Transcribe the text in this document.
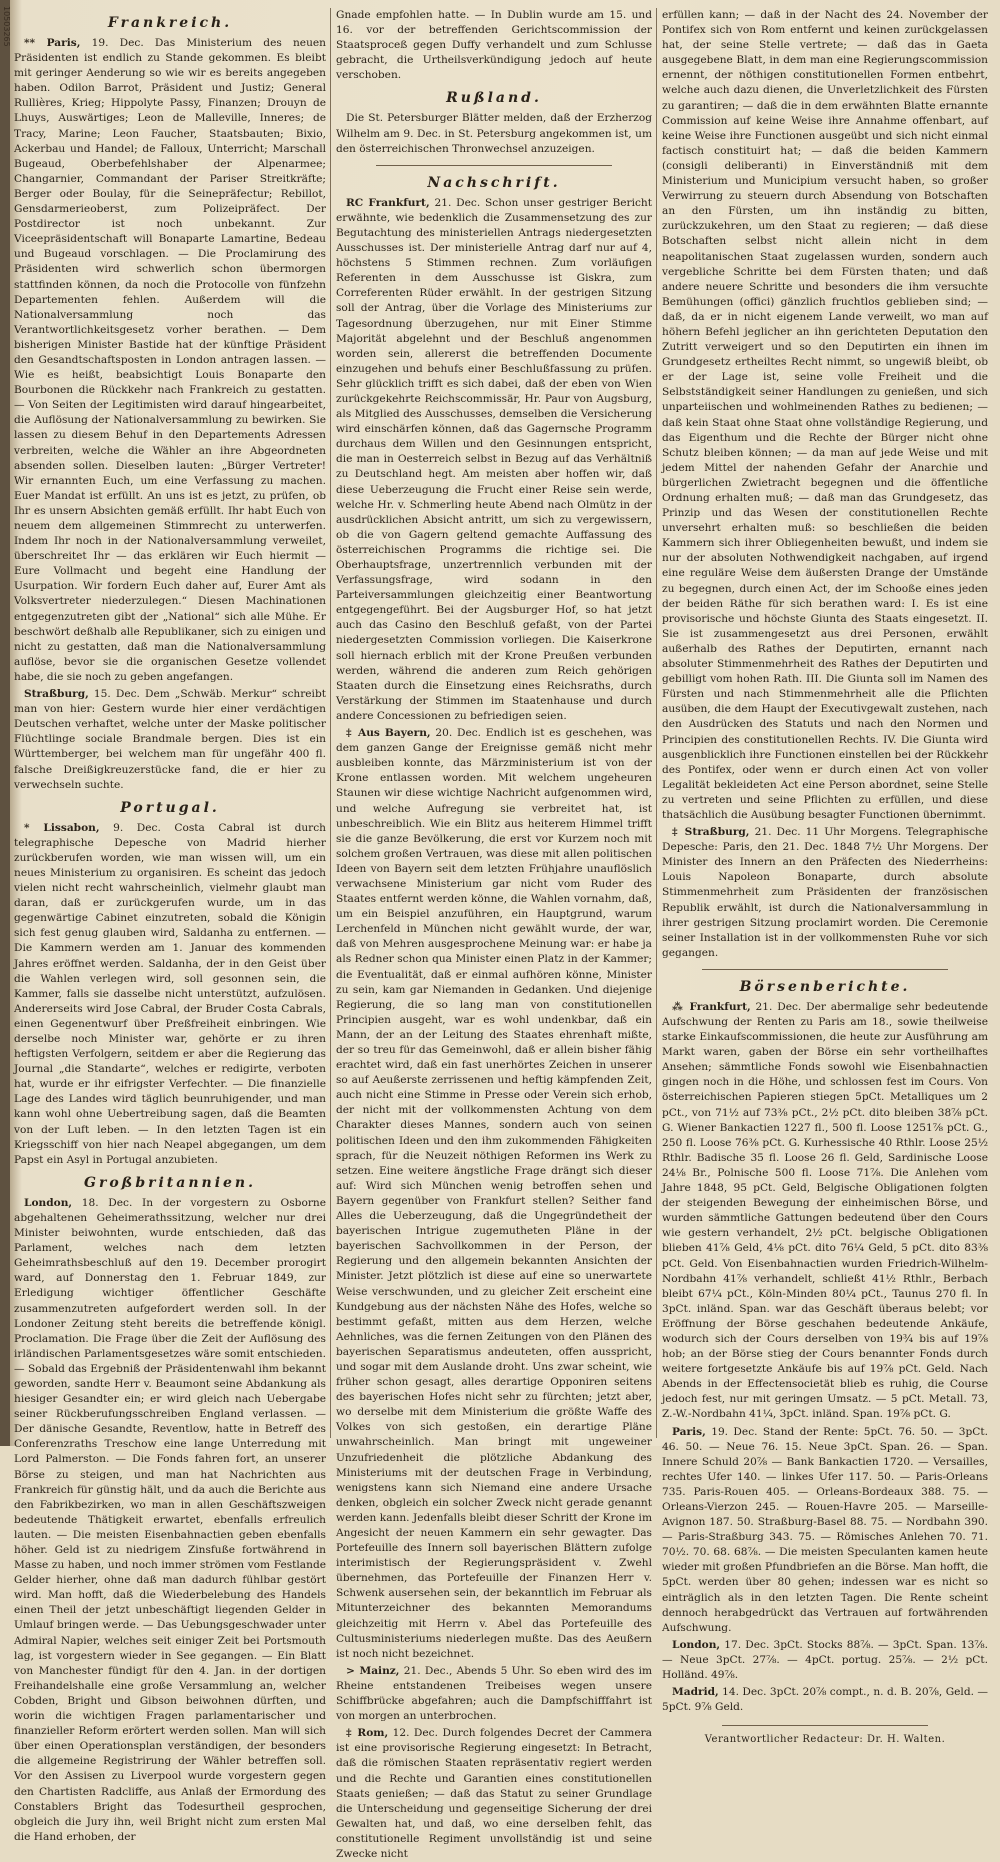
10503265	Frankreich.

** Paris, 19. Dec. Das Ministerium des neuen Präsidenten ist endlich zu Stande gekommen. Es bleibt mit geringer Aenderung so wie wir es bereits angegeben haben. Odilon Barrot, Präsident und Justiz; General Rullières, Krieg; Hippolyte Passy, Finanzen; Drouyn de Lhuys, Auswärtiges; Leon de Malleville, Inneres; de Tracy, Marine; Leon Faucher, Staatsbauten; Bixio, Ackerbau und Handel; de Falloux, Unterricht; Marschall Bugeaud, Oberbefehlshaber der Alpenarmee; Changarnier, Commandant der Pariser Streitkräfte; Berger oder Boulay, für die Seinepräfectur; Rebillot, Gensdarmerieoberst, zum Polizeipräfect. Der Postdirector ist noch unbekannt. Zur Viceepräsidentschaft will Bonaparte Lamartine, Bedeau und Bugeaud vorschlagen. — Die Proclamirung des Präsidenten wird schwerlich schon übermorgen stattfinden können, da noch die Protocolle von fünfzehn Departementen fehlen. Außerdem will die Nationalversammlung noch das Verantwortlichkeitsgesetz vorher berathen. — Dem bisherigen Minister Bastide hat der künftige Präsident den Gesandtschaftsposten in London antragen lassen. — Wie es heißt, beabsichtigt Louis Bonaparte den Bourbonen die Rückkehr nach Frankreich zu gestatten. — Von Seiten der Legitimisten wird darauf hingearbeitet, die Auflösung der Nationalversammlung zu bewirken. Sie lassen zu diesem Behuf in den Departements Adressen verbreiten, welche die Wähler an ihre Abgeordneten absenden sollen. Dieselben lauten: „Bürger Vertreter! Wir ernannten Euch, um eine Verfassung zu machen. Euer Mandat ist erfüllt. An uns ist es jetzt, zu prüfen, ob Ihr es unsern Absichten gemäß erfüllt. Ihr habt Euch von neuem dem allgemeinen Stimmrecht zu unterwerfen. Indem Ihr noch in der Nationalversammlung verweilet, überschreitet Ihr — das erklären wir Euch hiermit — Eure Vollmacht und begeht eine Handlung der Usurpation. Wir fordern Euch daher auf, Eurer Amt als Volksvertreter niederzulegen.“ Diesen Machinationen entgegenzutreten gibt der „National“ sich alle Mühe. Er beschwört deßhalb alle Republikaner, sich zu einigen und nicht zu gestatten, daß man die Nationalversammlung auflöse, bevor sie die organischen Gesetze vollendet habe, die sie noch zu geben angefangen.

Straßburg, 15. Dec. Dem „Schwäb. Merkur“ schreibt man von hier: Gestern wurde hier einer verdächtigen Deutschen verhaftet, welche unter der Maske politischer Flüchtlinge sociale Brandmale bergen. Dies ist ein Württemberger, bei welchem man für ungefähr 400 fl. falsche Dreißigkreuzerstücke fand, die er hier zu verwechseln suchte.

Portugal.

* Lissabon, 9. Dec. Costa Cabral ist durch telegraphische Depesche von Madrid hierher zurückberufen worden, wie man wissen will, um ein neues Ministerium zu organisiren. Es scheint das jedoch vielen nicht recht wahrscheinlich, vielmehr glaubt man daran, daß er zurückgerufen wurde, um in das gegenwärtige Cabinet einzutreten, sobald die Königin sich fest genug glauben wird, Saldanha zu entfernen. — Die Kammern werden am 1. Januar des kommenden Jahres eröffnet werden. Saldanha, der in den Geist über die Wahlen verlegen wird, soll gesonnen sein, die Kammer, falls sie dasselbe nicht unterstützt, aufzulösen. Andererseits wird Jose Cabral, der Bruder Costa Cabrals, einen Gegenentwurf über Preßfreiheit einbringen. Wie derselbe noch Minister war, gehörte er zu ihren heftigsten Verfolgern, seitdem er aber die Regierung das Journal „die Standarte“, welches er redigirte, verboten hat, wurde er ihr eifrigster Verfechter. — Die finanzielle Lage des Landes wird täglich beunruhigender, und man kann wohl ohne Uebertreibung sagen, daß die Beamten von der Luft leben. — In den letzten Tagen ist ein Kriegsschiff von hier nach Neapel abgegangen, um dem Papst ein Asyl in Portugal anzubieten.

Großbritannien.

London, 18. Dec. In der vorgestern zu Osborne abgehaltenen Geheimerathssitzung, welcher nur drei Minister beiwohnten, wurde entschieden, daß das Parlament, welches nach dem letzten Geheimrathsbeschluß auf den 19. December prorogirt ward, auf Donnerstag den 1. Februar 1849, zur Erledigung wichtiger öffentlicher Geschäfte zusammenzutreten aufgefordert werden soll. In der Londoner Zeitung steht bereits die betreffende königl. Proclamation. Die Frage über die Zeit der Auflösung des irländischen Parlamentsgesetzes wäre somit entschieden. — Sobald das Ergebniß der Präsidentenwahl ihm bekannt geworden, sandte Herr v. Beaumont seine Abdankung als hiesiger Gesandter ein; er wird gleich nach Uebergabe seiner Rückberufungsschreiben England verlassen. — Der dänische Gesandte, Reventlow, hatte in Betreff des Conferenzraths Treschow eine lange Unterredung mit Lord Palmerston. — Die Fonds fahren fort, an unserer Börse zu steigen, und man hat Nachrichten aus Frankreich für günstig hält, und da auch die Berichte aus den Fabrikbezirken, wo man in allen Geschäftszweigen bedeutende Thätigkeit erwartet, ebenfalls erfreulich lauten. — Die meisten Eisenbahnactien geben ebenfalls höher. Geld ist zu niedrigem Zinsfuße fortwährend in Masse zu haben, und noch immer strömen vom Festlande Gelder hierher, ohne daß man dadurch fühlbar gestört wird. Man hofft, daß die Wiederbelebung des Handels einen Theil der jetzt unbeschäftigt liegenden Gelder in Umlauf bringen werde. — Das Uebungsgeschwader unter Admiral Napier, welches seit einiger Zeit bei Portsmouth lag, ist vorgestern wieder in See gegangen. — Ein Blatt von Manchester fündigt für den 4. Jan. in der dortigen Freihandelshalle eine große Versammlung an, welcher Cobden, Bright und Gibson beiwohnen dürften, und worin die wichtigen Fragen parlamentarischer und finanzieller Reform erörtert werden sollen. Man will sich über einen Operationsplan verständigen, der besonders die allgemeine Registrirung der Wähler betreffen soll. Vor den Assisen zu Liverpool wurde vorgestern gegen den Chartisten Radcliffe, aus Anlaß der Ermordung des Constablers Bright das Todesurtheil gesprochen, obgleich die Jury ihn, weil Bright nicht zum ersten Mal die Hand erhoben, der

Gnade empfohlen hatte. — In Dublin wurde am 15. und 16. vor der betreffenden Gerichtscommission der Staatsproceß gegen Duffy verhandelt und zum Schlusse gebracht, die Urtheilsverkündigung jedoch auf heute verschoben.

Rußland.

Die St. Petersburger Blätter melden, daß der Erzherzog Wilhelm am 9. Dec. in St. Petersburg angekommen ist, um den österreichischen Thronwechsel anzuzeigen.

Nachschrift.

RC Frankfurt, 21. Dec. Schon unser gestriger Bericht erwähnte, wie bedenklich die Zusammensetzung des zur Begutachtung des ministeriellen Antrags niedergesetzten Ausschusses ist. Der ministerielle Antrag darf nur auf 4, höchstens 5 Stimmen rechnen. Zum vorläufigen Referenten in dem Ausschusse ist Giskra, zum Correferenten Rüder erwählt. In der gestrigen Sitzung soll der Antrag, über die Vorlage des Ministeriums zur Tagesordnung überzugehen, nur mit Einer Stimme Majorität abgelehnt und der Beschluß angenommen worden sein, allererst die betreffenden Documente einzugehen und behufs einer Beschlußfassung zu prüfen. Sehr glücklich trifft es sich dabei, daß der eben von Wien zurückgekehrte Reichscommissär, Hr. Paur von Augsburg, als Mitglied des Ausschusses, demselben die Versicherung wird einschärfen können, daß das Gagernsche Programm durchaus dem Willen und den Gesinnungen entspricht, die man in Oesterreich selbst in Bezug auf das Verhältniß zu Deutschland hegt. Am meisten aber hoffen wir, daß diese Ueberzeugung die Frucht einer Reise sein werde, welche Hr. v. Schmerling heute Abend nach Olmütz in der ausdrücklichen Absicht antritt, um sich zu vergewissern, ob die von Gagern geltend gemachte Auffassung des österreichischen Programms die richtige sei. Die Oberhauptsfrage, unzertrennlich verbunden mit der Verfassungsfrage, wird sodann in den Parteiversammlungen gleichzeitig einer Beantwortung entgegengeführt. Bei der Augsburger Hof, so hat jetzt auch das Casino den Beschluß gefaßt, von der Partei niedergesetzten Commission vorliegen. Die Kaiserkrone soll hiernach erblich mit der Krone Preußen verbunden werden, während die anderen zum Reich gehörigen Staaten durch die Einsetzung eines Reichsraths, durch Verstärkung der Stimmen im Staatenhause und durch andere Concessionen zu befriedigen seien.

‡ Aus Bayern, 20. Dec. Endlich ist es geschehen, was dem ganzen Gange der Ereignisse gemäß nicht mehr ausbleiben konnte, das Märzministerium ist von der Krone entlassen worden. Mit welchem ungeheuren Staunen wir diese wichtige Nachricht aufgenommen wird, und welche Aufregung sie verbreitet hat, ist unbeschreiblich. Wie ein Blitz aus heiterem Himmel trifft sie die ganze Bevölkerung, die erst vor Kurzem noch mit solchem großen Vertrauen, was diese mit allen politischen Ideen von Bayern seit dem letzten Frühjahre unauflöslich verwachsene Ministerium gar nicht vom Ruder des Staates entfernt werden könne, die Wahlen vornahm, daß, um ein Beispiel anzuführen, ein Hauptgrund, warum Lerchenfeld in München nicht gewählt wurde, der war, daß von Mehren ausgesprochene Meinung war: er habe ja als Redner schon qua Minister einen Platz in der Kammer; die Eventualität, daß er einmal aufhören könne, Minister zu sein, kam gar Niemanden in Gedanken. Und diejenige Regierung, die so lang man von constitutionellen Principien ausgeht, war es wohl undenkbar, daß ein Mann, der an der Leitung des Staates ehrenhaft mißte, der so treu für das Gemeinwohl, daß er allein bisher fähig erachtet wird, daß ein fast unerhörtes Zeichen in unserer so auf Aeußerste zerrissenen und heftig kämpfenden Zeit, auch nicht eine Stimme in Presse oder Verein sich erhob, der nicht mit der vollkommensten Achtung von dem Charakter dieses Mannes, sondern auch von seinen politischen Ideen und den ihm zukommenden Fähigkeiten sprach, für die Neuzeit nöthigen Reformen ins Werk zu setzen. Eine weitere ängstliche Frage drängt sich dieser auf: Wird sich München wenig betroffen sehen und Bayern gegenüber von Frankfurt stellen? Seither fand Alles die Ueberzeugung, daß die Ungegründetheit der bayerischen Intrigue zugemutheten Pläne in der bayerischen Sachvollkommen in der Person, der Regierung und den allgemein bekannten Ansichten der Minister. Jetzt plötzlich ist diese auf eine so unerwartete Weise verschwunden, und zu gleicher Zeit erscheint eine Kundgebung aus der nächsten Nähe des Hofes, welche so bestimmt gefaßt, mitten aus dem Herzen, welche Aehnliches, was die fernen Zeitungen von den Plänen des bayerischen Separatismus andeuteten, offen ausspricht, und sogar mit dem Auslande droht. Uns zwar scheint, wie früher schon gesagt, alles derartige Opponiren seitens des bayerischen Hofes nicht sehr zu fürchten; jetzt aber, wo derselbe mit dem Ministerium die größte Waffe des Volkes von sich gestoßen, ein derartige Pläne unwahrscheinlich. Man bringt mit ungeweiner Unzufriedenheit die plötzliche Abdankung des Ministeriums mit der deutschen Frage in Verbindung, wenigstens kann sich Niemand eine andere Ursache denken, obgleich ein solcher Zweck nicht gerade genannt werden kann. Jedenfalls bleibt dieser Schritt der Krone im Angesicht der neuen Kammern ein sehr gewagter. Das Portefeuille des Innern soll bayerischen Blättern zufolge interimistisch der Regierungspräsident v. Zwehl übernehmen, das Portefeuille der Finanzen Herr v. Schwenk ausersehen sein, der bekanntlich im Februar als Mitunterzeichner des bekannten Memorandums gleichzeitig mit Herrn v. Abel das Portefeuille des Cultusministeriums niederlegen mußte. Das des Aeußern ist noch nicht bezeichnet.

> Mainz, 21. Dec., Abends 5 Uhr. So eben wird des im Rheine entstandenen Treibeises wegen unsere Schiffbrücke abgefahren; auch die Dampfschifffahrt ist von morgen an unterbrochen.

‡ Rom, 12. Dec. Durch folgendes Decret der Cammera ist eine provisorische Regierung eingesetzt: In Betracht, daß die römischen Staaten repräsentativ regiert werden und die Rechte und Garantien eines constitutionellen Staats genießen; — daß das Statut zu seiner Grundlage die Unterscheidung und gegenseitige Sicherung der drei Gewalten hat, und daß, wo eine derselben fehlt, das constitutionelle Regiment unvollständig ist und seine Zwecke nicht

erfüllen kann; — daß in der Nacht des 24. November der Pontifex sich von Rom entfernt und keinen zurückgelassen hat, der seine Stelle vertrete; — daß das in Gaeta ausgegebene Blatt, in dem man eine Regierungscommission ernennt, der nöthigen constitutionellen Formen entbehrt, welche auch dazu dienen, die Unverletzlichkeit des Fürsten zu garantiren; — daß die in dem erwähnten Blatte ernannte Commission auf keine Weise ihre Annahme offenbart, auf keine Weise ihre Functionen ausgeübt und sich nicht einmal factisch constituirt hat; — daß die beiden Kammern (consigli deliberanti) in Einverständniß mit dem Ministerium und Municipium versucht haben, so großer Verwirrung zu steuern durch Absendung von Botschaften an den Fürsten, um ihn inständig zu bitten, zurückzukehren, um den Staat zu regieren; — daß diese Botschaften selbst nicht allein nicht in dem neapolitanischen Staat zugelassen wurden, sondern auch vergebliche Schritte bei dem Fürsten thaten; und daß andere neuere Schritte und besonders die ihm versuchte Bemühungen (offici) gänzlich fruchtlos geblieben sind; — daß, da er in nicht eigenem Lande verweilt, wo man auf höhern Befehl jeglicher an ihn gerichteten Deputation den Zutritt verweigert und so den Deputirten ein ihnen im Grundgesetz ertheiltes Recht nimmt, so ungewiß bleibt, ob er der Lage ist, seine volle Freiheit und die Selbstständigkeit seiner Handlungen zu genießen, und sich unparteiischen und wohlmeinenden Rathes zu bedienen; — daß kein Staat ohne Staat ohne vollständige Regierung, und das Eigenthum und die Rechte der Bürger nicht ohne Schutz bleiben können; — da man auf jede Weise und mit jedem Mittel der nahenden Gefahr der Anarchie und bürgerlichen Zwietracht begegnen und die öffentliche Ordnung erhalten muß; — daß man das Grundgesetz, das Prinzip und das Wesen der constitutionellen Rechte unversehrt erhalten muß: so beschließen die beiden Kammern sich ihrer Obliegenheiten bewußt, und indem sie nur der absoluten Nothwendigkeit nachgaben, auf irgend eine reguläre Weise dem äußersten Drange der Umstände zu begegnen, durch einen Act, der im Schooße eines jeden der beiden Räthe für sich berathen ward: I. Es ist eine provisorische und höchste Giunta des Staats eingesetzt. II. Sie ist zusammengesetzt aus drei Personen, erwählt außerhalb des Rathes der Deputirten, ernannt nach absoluter Stimmenmehrheit des Rathes der Deputirten und gebilligt vom hohen Rath. III. Die Giunta soll im Namen des Fürsten und nach Stimmenmehrheit alle die Pflichten ausüben, die dem Haupt der Executivgewalt zustehen, nach den Ausdrücken des Statuts und nach den Normen und Principien des constitutionellen Rechts. IV. Die Giunta wird ausgenblicklich ihre Functionen einstellen bei der Rückkehr des Pontifex, oder wenn er durch einen Act von voller Legalität bekleideten Act eine Person abordnet, seine Stelle zu vertreten und seine Pflichten zu erfüllen, und diese thatsächlich die Ausübung besagter Functionen übernimmt.

‡ Straßburg, 21. Dec. 11 Uhr Morgens. Telegraphische Depesche: Paris, den 21. Dec. 1848 7½ Uhr Morgens. Der Minister des Innern an den Präfecten des Niederrheins: Louis Napoleon Bonaparte, durch absolute Stimmenmehrheit zum Präsidenten der französischen Republik erwählt, ist durch die Nationalversammlung in ihrer gestrigen Sitzung proclamirt worden. Die Ceremonie seiner Installation ist in der vollkommensten Ruhe vor sich gegangen.

Börsenberichte.

⁂ Frankfurt, 21. Dec. Der abermalige sehr bedeutende Aufschwung der Renten zu Paris am 18., sowie theilweise starke Einkaufscommissionen, die heute zur Ausführung am Markt waren, gaben der Börse ein sehr vortheilhaftes Ansehen; sämmtliche Fonds sowohl wie Eisenbahnactien gingen noch in die Höhe, und schlossen fest im Cours. Von österreichischen Papieren stiegen 5pCt. Metalliques um 2 pCt., von 71½ auf 73⅜ pCt., 2½ pCt. dito bleiben 38⅞ pCt. G. Wiener Bankactien 1227 fl., 500 fl. Loose 1251⅞ pCt. G., 250 fl. Loose 76⅜ pCt. G. Kurhessische 40 Rthlr. Loose 25½ Rthlr. Badische 35 fl. Loose 26 fl. Geld, Sardinische Loose 24⅛ Br., Polnische 500 fl. Loose 71⅞. Die Anlehen vom Jahre 1848, 95 pCt. Geld, Belgische Obligationen folgten der steigenden Bewegung der einheimischen Börse, und wurden sämmtliche Gattungen bedeutend über den Cours wie gestern verhandelt, 2½ pCt. belgische Obligationen blieben 41⅞ Geld, 4⅛ pCt. dito 76¼ Geld, 5 pCt. dito 83⅜ pCt. Geld. Von Eisenbahnactien wurden Friedrich-Wilhelm-Nordbahn 41⅞ verhandelt, schließt 41½ Rthlr., Berbach bleibt 67¼ pCt., Köln-Minden 80¼ pCt., Taunus 270 fl. In 3pCt. inländ. Span. war das Geschäft überaus belebt; vor Eröffnung der Börse geschahen bedeutende Ankäufe, wodurch sich der Cours derselben von 19¾ bis auf 19⅞ hob; an der Börse stieg der Cours benannter Fonds durch weitere fortgesetzte Ankäufe bis auf 19⅞ pCt. Geld. Nach Abends in der Effectensocietät blieb es ruhig, die Course jedoch fest, nur mit geringen Umsatz. — 5 pCt. Metall. 73, Z.-W.-Nordbahn 41¼, 3pCt. inländ. Span. 19⅞ pCt. G.

Paris, 19. Dec. Stand der Rente: 5pCt. 76. 50. — 3pCt. 46. 50. — Neue 76. 15. Neue 3pCt. Span. 26. — Span. Innere Schuld 20⅞ — Bank Bankactien 1720. — Versailles, rechtes Ufer 140. — linkes Ufer 117. 50. — Paris-Orleans 735. Paris-Rouen 405. — Orleans-Bordeaux 388. 75. — Orleans-Vierzon 245. — Rouen-Havre 205. — Marseille-Avignon 187. 50. Straßburg-Basel 88. 75. — Nordbahn 390. — Paris-Straßburg 343. 75. — Römisches Anlehen 70. 71. 70½. 70. 68. 68⅞. — Die meisten Speculanten kamen heute wieder mit großen Pfundbriefen an die Börse. Man hofft, die 5pCt. werden über 80 gehen; indessen war es nicht so einträglich als in den letzten Tagen. Die Rente scheint dennoch herabgedrückt das Vertrauen auf fortwährenden Aufschwung.

London, 17. Dec. 3pCt. Stocks 88⅞. — 3pCt. Span. 13⅞. — Neue 3pCt. 27⅞. — 4pCt. portug. 25⅞. — 2½ pCt. Holländ. 49⅞.

Madrid, 14. Dec. 3pCt. 20⅞ compt., n. d. B. 20⅞, Geld. — 5pCt. 9⅞ Geld.

Verantwortlicher Redacteur: Dr. H. Walten.
